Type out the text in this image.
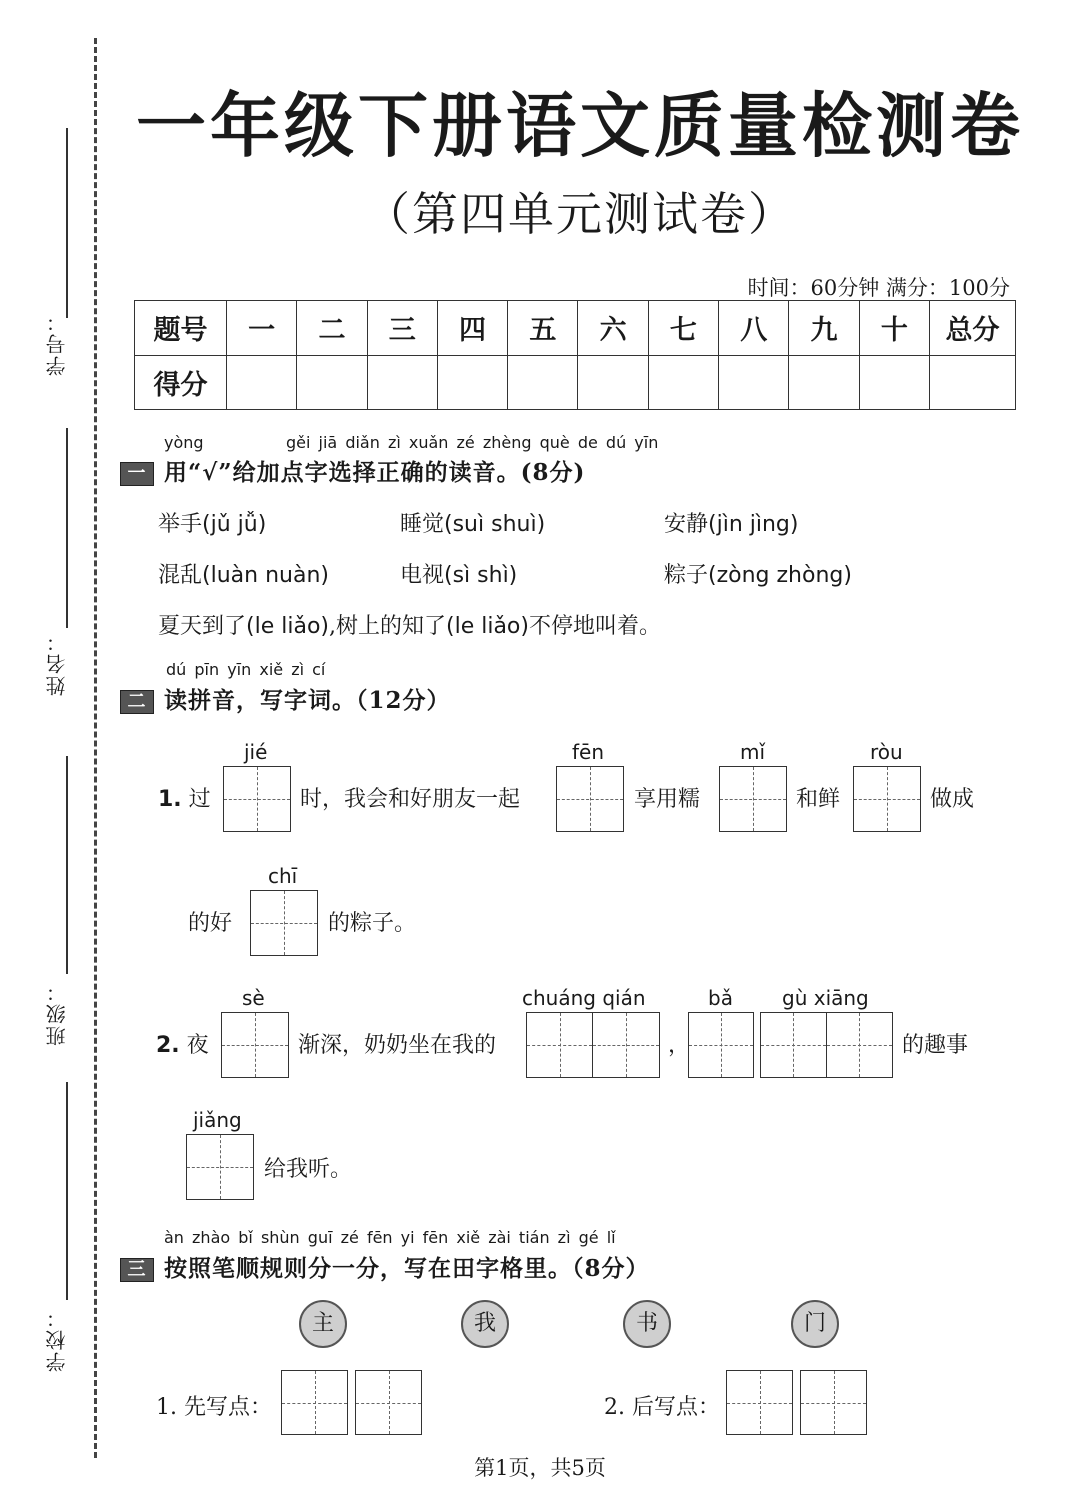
学号：
姓名：
班级：
学校：
一年级下册语文质量检测卷
（第四单元测试卷）
时间：60分钟 满分：100分
题号	一	二	三	四	五	六	七	八	九	十	总分
得分											
yòng	gěi jiā diǎn zì xuǎn zé zhèng què de dú yīn
一 用“√”给加点字选择正确的读音。(8分)
举手(jǔ jǚ)	睡觉(suì shuì)	安静(jìn jìng)
混乱(luàn nuàn)	电视(sì shì)	粽子(zòng zhòng)
夏天到了(le liǎo),树上的知了(le liǎo)不停地叫着。
dú pīn yīn xiě zì cí
二 读拼音，写字词。（12分）
1. 过
jié
时，我会和好朋友一起
fēn
享用糯
mǐ
和鲜
ròu
做成
的好
chī
的粽子。
2. 夜
sè
渐深，奶奶坐在我的
chuáng qián
，
bǎ gù xiāng
的趣事
jiǎng
给我听。
àn zhào bǐ shùn guī zé fēn yi fēn xiě zài tián zì gé lǐ
三 按照笔顺规则分一分，写在田字格里。（8分）
主	我	书	门
1. 先写点：	2. 后写点：
第1页，共5页
